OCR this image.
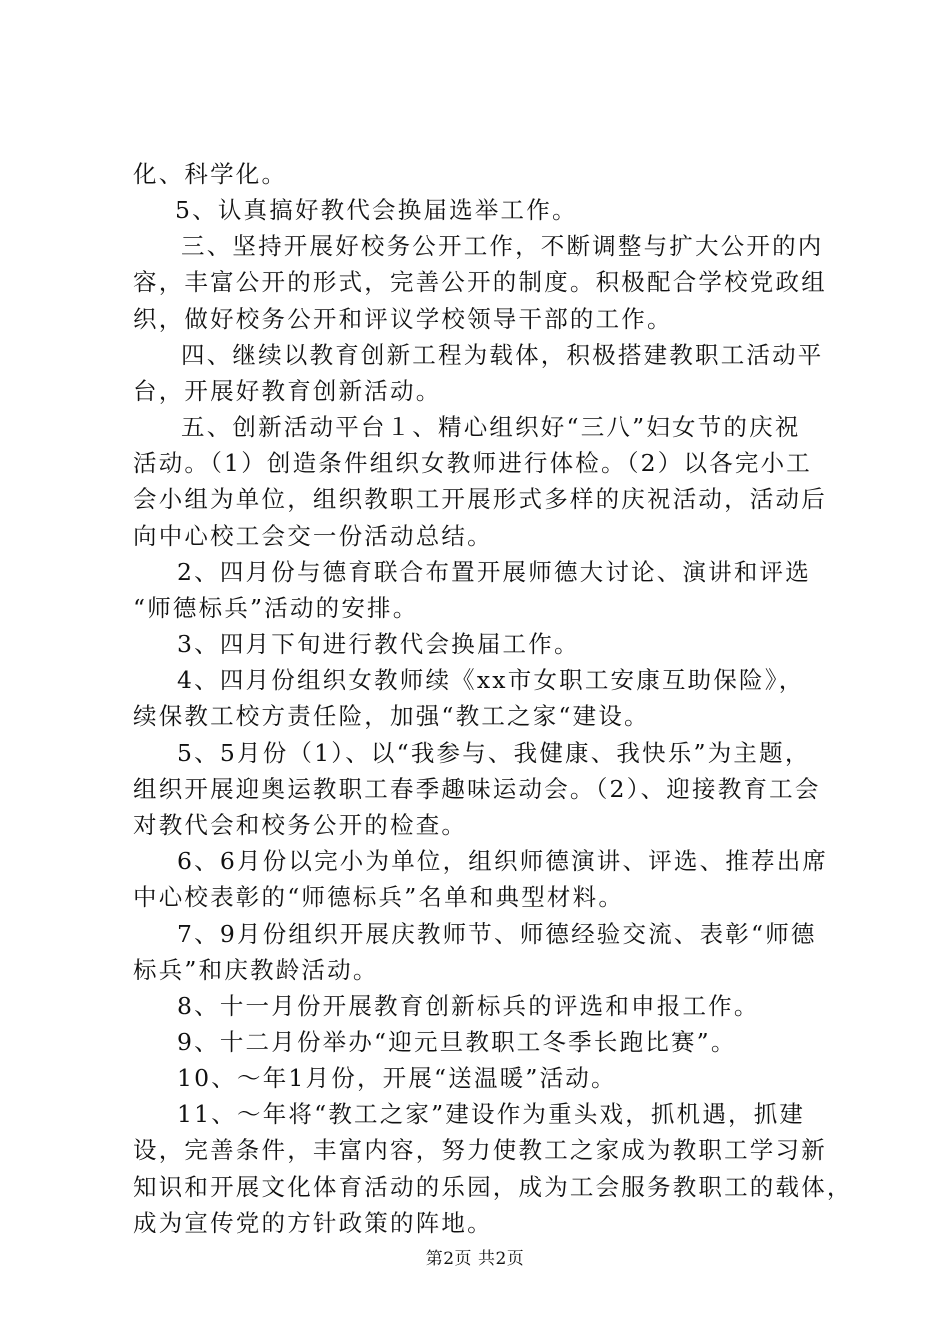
化、科学化。
5、认真搞好教代会换届选举工作。
三、坚持开展好校务公开工作，不断调整与扩大公开的内
容，丰富公开的形式，完善公开的制度。积极配合学校党政组
织，做好校务公开和评议学校领导干部的工作。
四、继续以教育创新工程为载体，积极搭建教职工活动平
台，开展好教育创新活动。
五、创新活动平台１、精心组织好“三八”妇女节的庆祝
活动。（1）创造条件组织女教师进行体检。（2）以各完小工
会小组为单位，组织教职工开展形式多样的庆祝活动，活动后
向中心校工会交一份活动总结。
2、四月份与德育联合布置开展师德大讨论、演讲和评选
“师德标兵”活动的安排。
3、四月下旬进行教代会换届工作。
4、四月份组织女教师续《xx市女职工安康互助保险》，
续保教工校方责任险，加强“教工之家“建设。
5、5月份（1）、以“我参与、我健康、我快乐”为主题，
组织开展迎奥运教职工春季趣味运动会。（2）、迎接教育工会
对教代会和校务公开的检查。
6、6月份以完小为单位，组织师德演讲、评选、推荐出席
中心校表彰的“师德标兵”名单和典型材料。
7、9月份组织开展庆教师节、师德经验交流、表彰“师德
标兵”和庆教龄活动。
8、十一月份开展教育创新标兵的评选和申报工作。
9、十二月份举办“迎元旦教职工冬季长跑比赛”。
10、～年1月份，开展“送温暖”活动。
11、～年将“教工之家”建设作为重头戏，抓机遇，抓建
设，完善条件，丰富内容，努力使教工之家成为教职工学习新
知识和开展文化体育活动的乐园，成为工会服务教职工的载体，
成为宣传党的方针政策的阵地。
第2页 共2页
